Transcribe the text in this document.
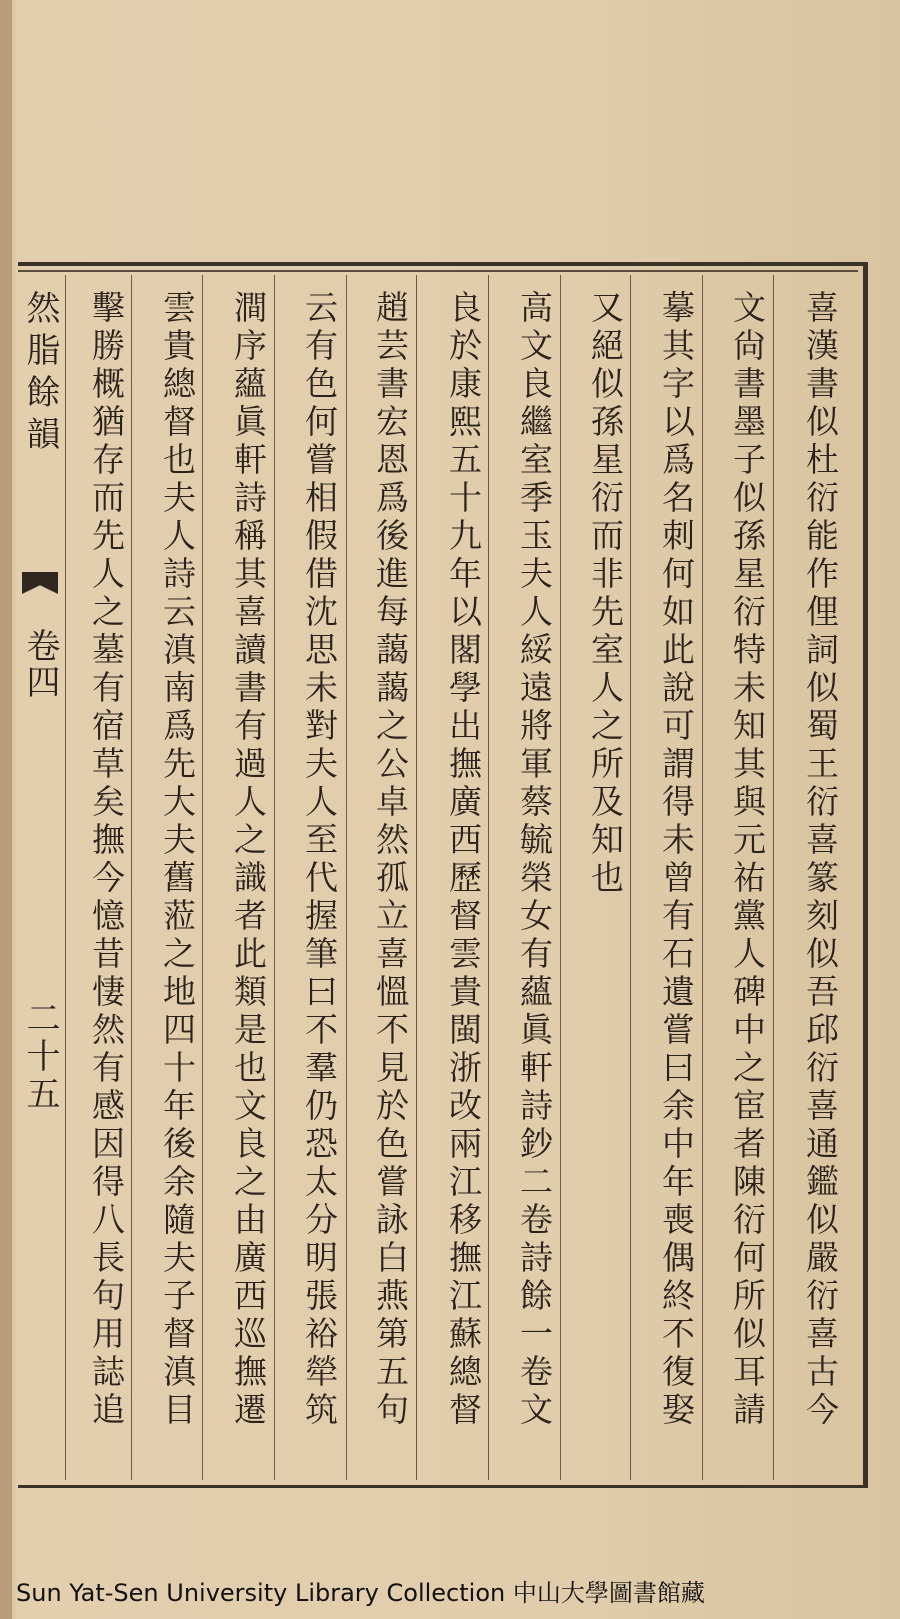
然脂餘韻
卷四
二十五	喜漢書似杜衍能作俚詞似蜀王衍喜篆刻似吾邱衍喜通鑑似嚴衍喜古今
文尙書墨子似孫星衍特未知其與元祐黨人碑中之宦者陳衍何所似耳請
摹其字以爲名刺何如此說可謂得未曾有石遺嘗曰余中年喪偶終不復娶
又絕似孫星衍而非先室人之所及知也
高文良繼室季玉夫人綏遠將軍蔡毓榮女有蘊眞軒詩鈔二卷詩餘一卷文
良於康熙五十九年以閣學出撫廣西歷督雲貴閩浙改兩江移撫江蘇總督
趙芸書宏恩爲後進每藹藹之公卓然孤立喜慍不見於色嘗詠白燕第五句
云有色何嘗相假借沈思未對夫人至代握筆曰不羣仍恐太分明張裕犖筑
澗序蘊眞軒詩稱其喜讀書有過人之識者此類是也文良之由廣西巡撫遷
雲貴總督也夫人詩云滇南爲先大夫舊蒞之地四十年後余隨夫子督滇目
擊勝概猶存而先人之墓有宿草矣撫今憶昔悽然有感因得八長句用誌追
Sun Yat-Sen University Library Collection 中山大學圖書館藏
